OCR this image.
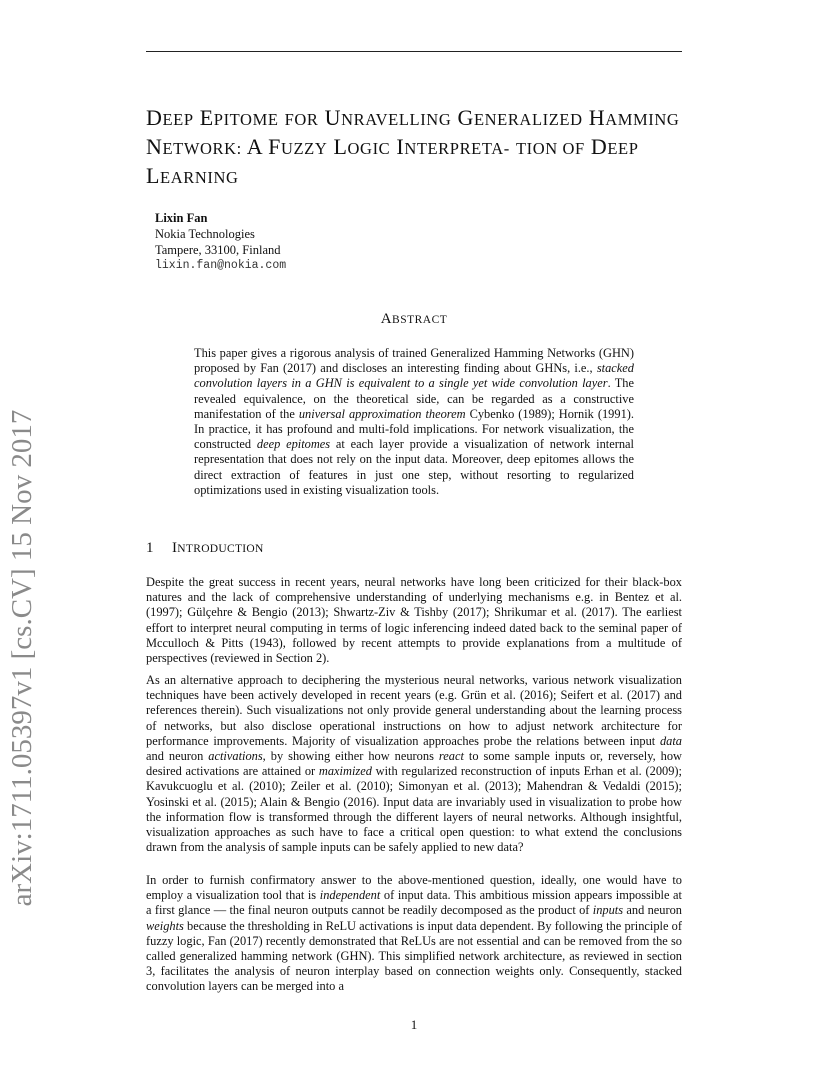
arXiv:1711.05397v1 [cs.CV] 15 Nov 2017
DEEP EPITOME FOR UNRAVELLING GENERALIZED HAMMING NETWORK: A FUZZY LOGIC INTERPRETA- TION OF DEEP LEARNING
Lixin Fan
Nokia Technologies
Tampere, 33100, Finland
lixin.fan@nokia.com
ABSTRACT

This paper gives a rigorous analysis of trained Generalized Hamming Networks (GHN) proposed by Fan (2017) and discloses an interesting finding about GHNs, i.e., stacked convolution layers in a GHN is equivalent to a single yet wide convolution layer. The revealed equivalence, on the theoretical side, can be regarded as a constructive manifestation of the universal approximation theorem Cybenko (1989); Hornik (1991). In practice, it has profound and multi-fold implications. For network visualization, the constructed deep epitomes at each layer provide a visualization of network internal representation that does not rely on the input data. Moreover, deep epitomes allows the direct extraction of features in just one step, without resorting to regularized optimizations used in existing visualization tools.

1 INTRODUCTION

Despite the great success in recent years, neural networks have long been criticized for their black-box natures and the lack of comprehensive understanding of underlying mechanisms e.g. in Bentez et al. (1997); Gülçehre & Bengio (2013); Shwartz-Ziv & Tishby (2017); Shrikumar et al. (2017). The earliest effort to interpret neural computing in terms of logic inferencing indeed dated back to the seminal paper of Mcculloch & Pitts (1943), followed by recent attempts to provide explanations from a multitude of perspectives (reviewed in Section 2).

As an alternative approach to deciphering the mysterious neural networks, various network visualization techniques have been actively developed in recent years (e.g. Grün et al. (2016); Seifert et al. (2017) and references therein). Such visualizations not only provide general understanding about the learning process of networks, but also disclose operational instructions on how to adjust network architecture for performance improvements. Majority of visualization approaches probe the relations between input data and neuron activations, by showing either how neurons react to some sample inputs or, reversely, how desired activations are attained or maximized with regularized reconstruction of inputs Erhan et al. (2009); Kavukcuoglu et al. (2010); Zeiler et al. (2010); Simonyan et al. (2013); Mahendran & Vedaldi (2015); Yosinski et al. (2015); Alain & Bengio (2016). Input data are invariably used in visualization to probe how the information flow is transformed through the different layers of neural networks. Although insightful, visualization approaches as such have to face a critical open question: to what extend the conclusions drawn from the analysis of sample inputs can be safely applied to new data?

In order to furnish confirmatory answer to the above-mentioned question, ideally, one would have to employ a visualization tool that is independent of input data. This ambitious mission appears impossible at a first glance — the final neuron outputs cannot be readily decomposed as the product of inputs and neuron weights because the thresholding in ReLU activations is input data dependent. By following the principle of fuzzy logic, Fan (2017) recently demonstrated that ReLUs are not essential and can be removed from the so called generalized hamming network (GHN). This simplified network architecture, as reviewed in section 3, facilitates the analysis of neuron interplay based on connection weights only. Consequently, stacked convolution layers can be merged into a

1
